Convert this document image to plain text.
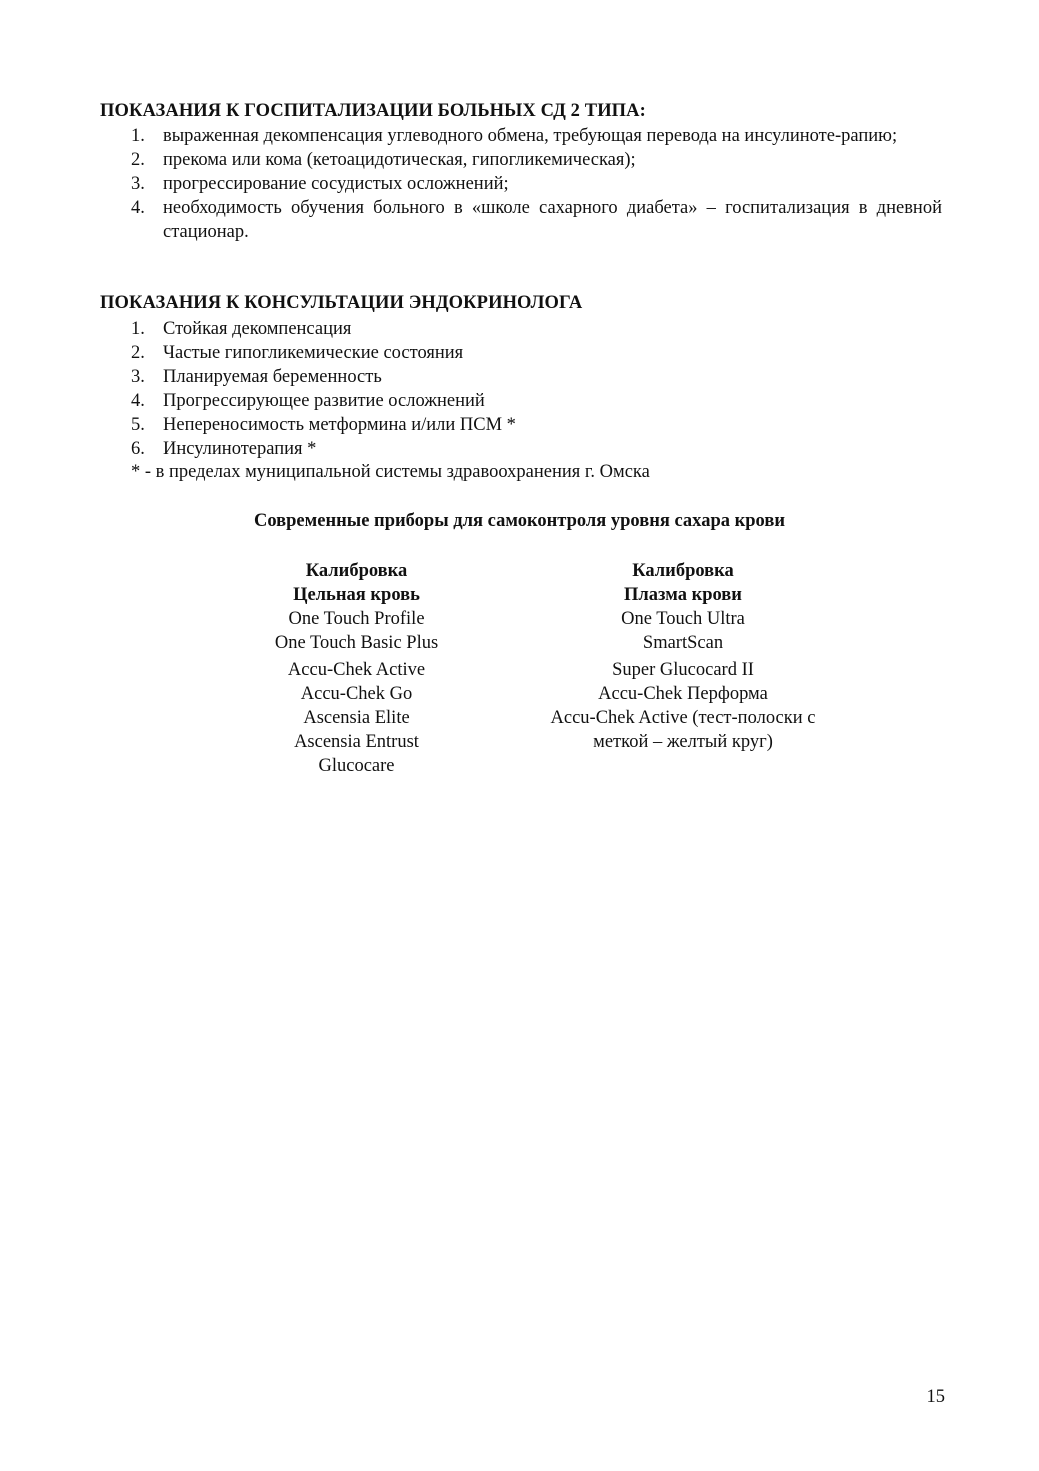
ПОКАЗАНИЯ К ГОСПИТАЛИЗАЦИИ БОЛЬНЫХ СД 2 ТИПА:
1. выраженная декомпенсация углеводного обмена, требующая перевода на инсулиноте-рапию;
2. прекома или кома (кетоацидотическая, гипогликемическая);
3. прогрессирование сосудистых осложнений;
4. необходимость обучения больного в «школе сахарного диабета» – госпитализация в дневной стационар.
ПОКАЗАНИЯ К КОНСУЛЬТАЦИИ ЭНДОКРИНОЛОГА
1. Стойкая декомпенсация
2. Частые гипогликемические состояния
3. Планируемая беременность
4. Прогрессирующее развитие осложнений
5. Непереносимость метформина и/или ПСМ *
6. Инсулинотерапия *
* - в пределах муниципальной системы здравоохранения г. Омска
Современные приборы для самоконтроля уровня сахара крови
Калибровка
Цельная кровь
One Touch Profile
One Touch Basic Plus
Accu-Chek Active
Accu-Chek Go
Ascensia Elite
Ascensia Entrust
Glucocare
Калибровка
Плазма крови
One Touch Ultra
SmartScan
Super Glucocard II
Accu-Chek Перформа
Accu-Chek Active (тест-полоски с
меткой – желтый круг)
15
